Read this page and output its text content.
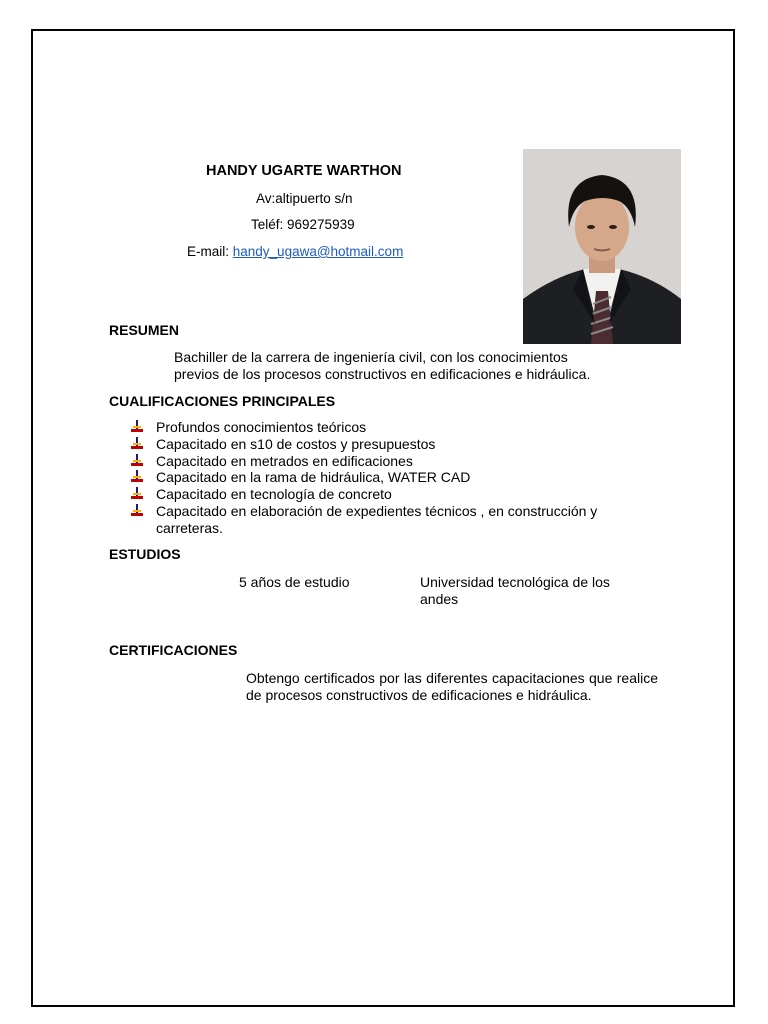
HANDY UGARTE WARTHON
Av:altipuerto s/n
Teléf: 969275939
E-mail: handy_ugawa@hotmail.com
RESUMEN
Bachiller de la carrera de ingeniería civil, con los conocimientos
previos de los procesos constructivos en edificaciones e hidráulica.
CUALIFICACIONES PRINCIPALES
Profundos conocimientos teóricos
Capacitado en s10 de costos y presupuestos
Capacitado en metrados en edificaciones
Capacitado en la rama de hidráulica, WATER CAD
Capacitado en tecnología de concreto
Capacitado en elaboración de expedientes técnicos , en construcción y carreteras.
ESTUDIOS
5 años de estudio	Universidad tecnológica de los andes
CERTIFICACIONES
Obtengo certificados por las diferentes capacitaciones que realice de procesos constructivos de edificaciones e hidráulica.
